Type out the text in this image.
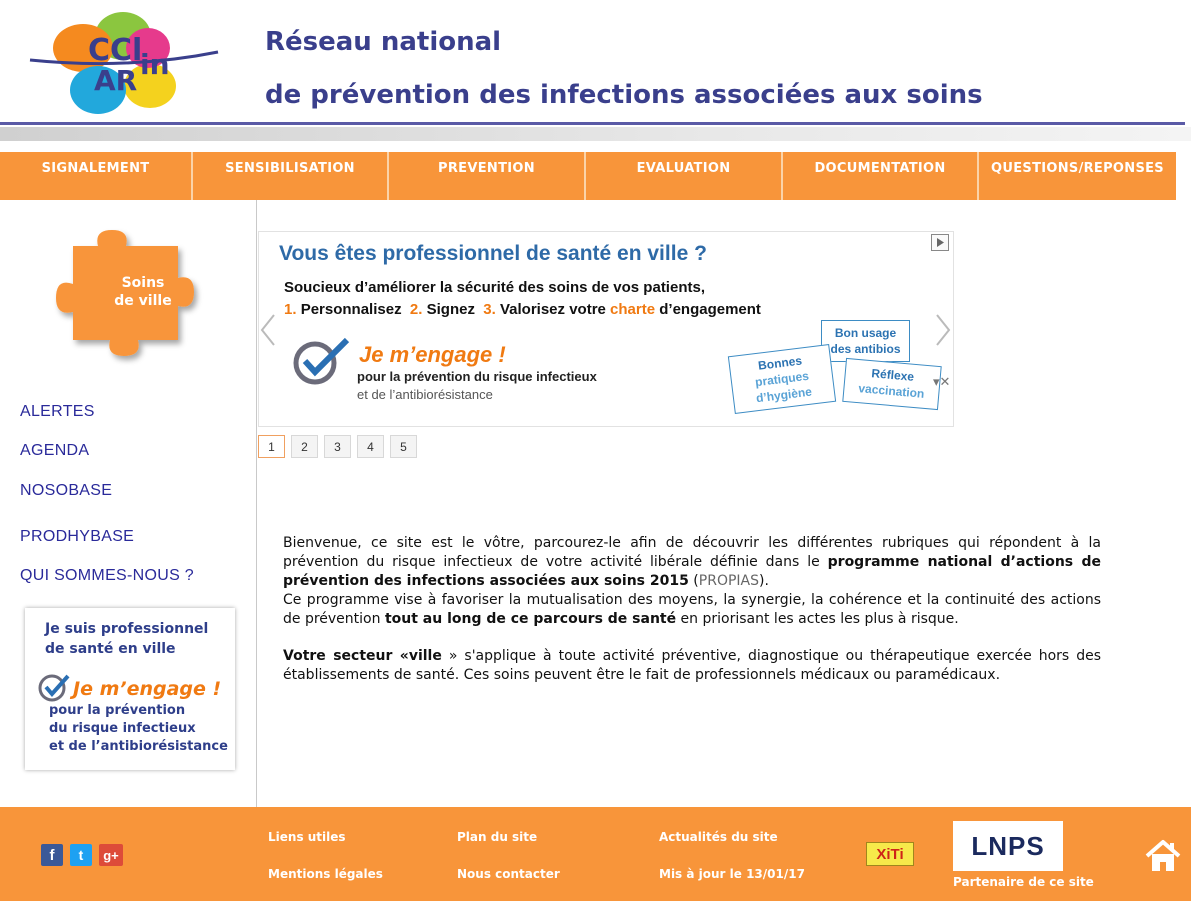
CCl
in
AR
Réseau national
de prévention des infections associées aux soins
SIGNALEMENT	SENSIBILISATION	PREVENTION	EVALUATION	DOCUMENTATION	QUESTIONS/REPONSES
Soins
de ville
ALERTES
AGENDA
NOSOBASE
PRODHYBASE
QUI SOMMES-NOUS ?
Je suis professionnel
de santé en ville
Je m’engage !
pour la prévention
du risque infectieux
et de l’antibiorésistance
Vous êtes professionnel de santé en ville ?
Soucieux d’améliorer la sécurité des soins de vos patients,
1. Personnalisez 2. Signez 3. Valorisez votre charte d’engagement
Je m’engage !
pour la prévention du risque infectieux
et de l’antibiorésistance
Bon usage
des antibios
Bonnes
pratiques
d’hygiène
Réflexe
vaccination ▾✕
1	2	3	4	5

Bienvenue, ce site est le vôtre, parcourez-le afin de découvrir les différentes rubriques qui répondent à la prévention du risque infectieux de votre activité libérale définie dans le programme national d’actions de prévention des infections associées aux soins 2015 (PROPIAS).

Ce programme vise à favoriser la mutualisation des moyens, la synergie, la cohérence et la continuité des actions de prévention tout au long de ce parcours de santé en priorisant les actes les plus à risque.

Votre secteur «ville » s'applique à toute activité préventive, diagnostique ou thérapeutique exercée hors des établissements de santé. Ces soins peuvent être le fait de professionnels médicaux ou paramédicaux.

f	t	g+
Liens utiles
Mentions légales
Plan du site
Nous contacter
Actualités du site
Mis à jour le 13/01/17
XiTi	LNPS
Partenaire de ce site
